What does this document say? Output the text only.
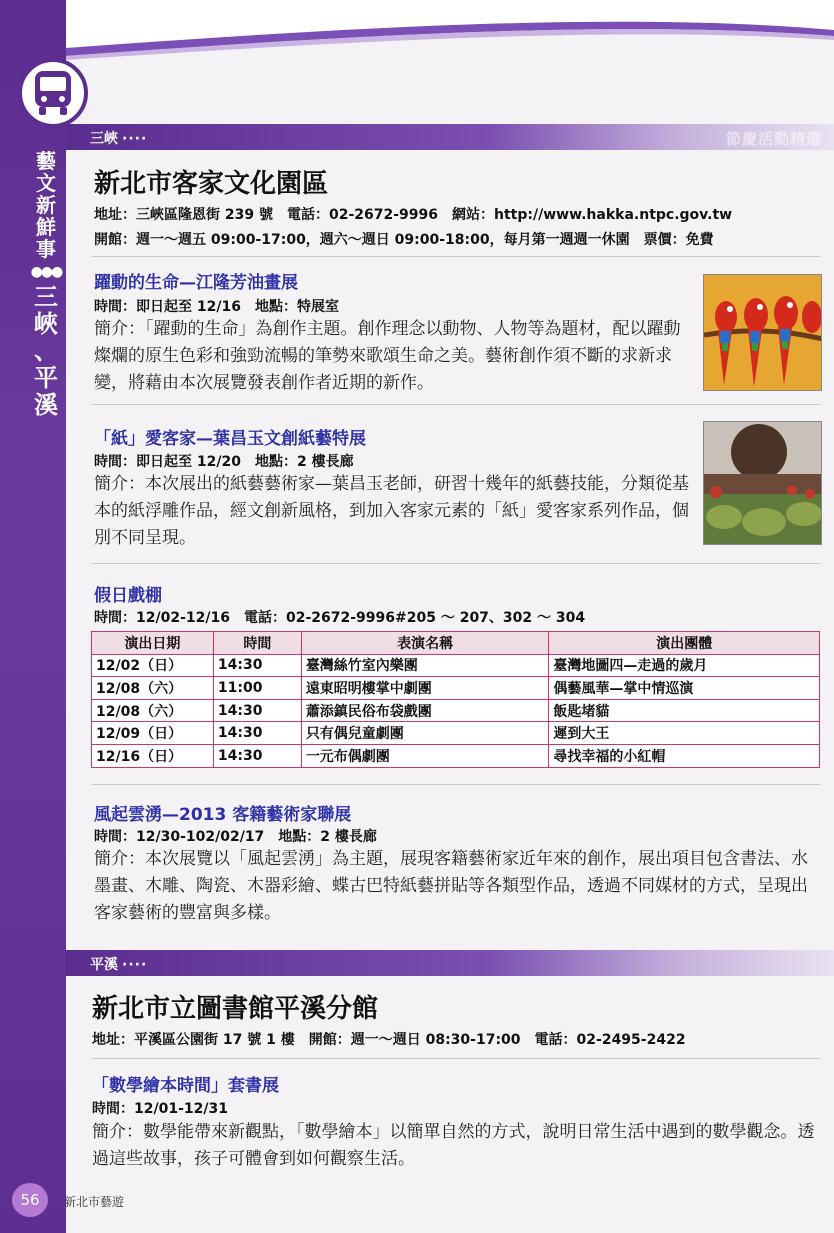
藝
文
新
鮮
事
●●●
三
峽
、
平
溪
56	新北市藝遊
三峽 ····	節慶活動精選
新北市客家文化園區
地址：三峽區隆恩街 239 號　電話：02-2672-9996　網站：http://www.hakka.ntpc.gov.tw
開館：週一～週五 09:00-17:00，週六～週日 09:00-18:00，每月第一週週一休園　票價：免費
躍動的生命—江隆芳油畫展
時間：即日起至 12/16　地點：特展室
簡介：「躍動的生命」為創作主題。創作理念以動物、人物等為題材，配以躍動燦爛的原生色彩和強勁流暢的筆勢來歌頌生命之美。藝術創作須不斷的求新求變，將藉由本次展覽發表創作者近期的新作。
「紙」愛客家—葉昌玉文創紙藝特展
時間：即日起至 12/20　地點：2 樓長廊
簡介：本次展出的紙藝藝術家—葉昌玉老師，研習十幾年的紙藝技能，分類從基本的紙浮雕作品，經文創新風格，到加入客家元素的「紙」愛客家系列作品，個別不同呈現。
假日戲棚
時間：12/02-12/16　電話：02-2672-9996#205 ～ 207、302 ～ 304
演出日期	時間	表演名稱	演出團體
12/02（日）	14:30	臺灣絲竹室內樂團	臺灣地圖四—走過的歲月
12/08（六）	11:00	遠東昭明樓掌中劇團	偶藝風華—掌中情巡演
12/08（六）	14:30	蕭添鎮民俗布袋戲團	飯匙堵貓
12/09（日）	14:30	只有偶兒童劇團	遲到大王
12/16（日）	14:30	一元布偶劇團	尋找幸福的小紅帽
風起雲湧—2013 客籍藝術家聯展
時間：12/30-102/02/17　地點：2 樓長廊
簡介：本次展覽以「風起雲湧」為主題，展現客籍藝術家近年來的創作，展出項目包含書法、水墨畫、木雕、陶瓷、木器彩繪、蝶古巴特紙藝拼貼等各類型作品，透過不同媒材的方式，呈現出客家藝術的豐富與多樣。
平溪 ····
新北市立圖書館平溪分館
地址：平溪區公園街 17 號 1 樓　開館：週一～週日 08:30-17:00　電話：02-2495-2422
「數學繪本時間」套書展
時間：12/01-12/31
簡介：數學能帶來新觀點，「數學繪本」以簡單自然的方式，說明日常生活中遇到的數學觀念。透過這些故事，孩子可體會到如何觀察生活。
